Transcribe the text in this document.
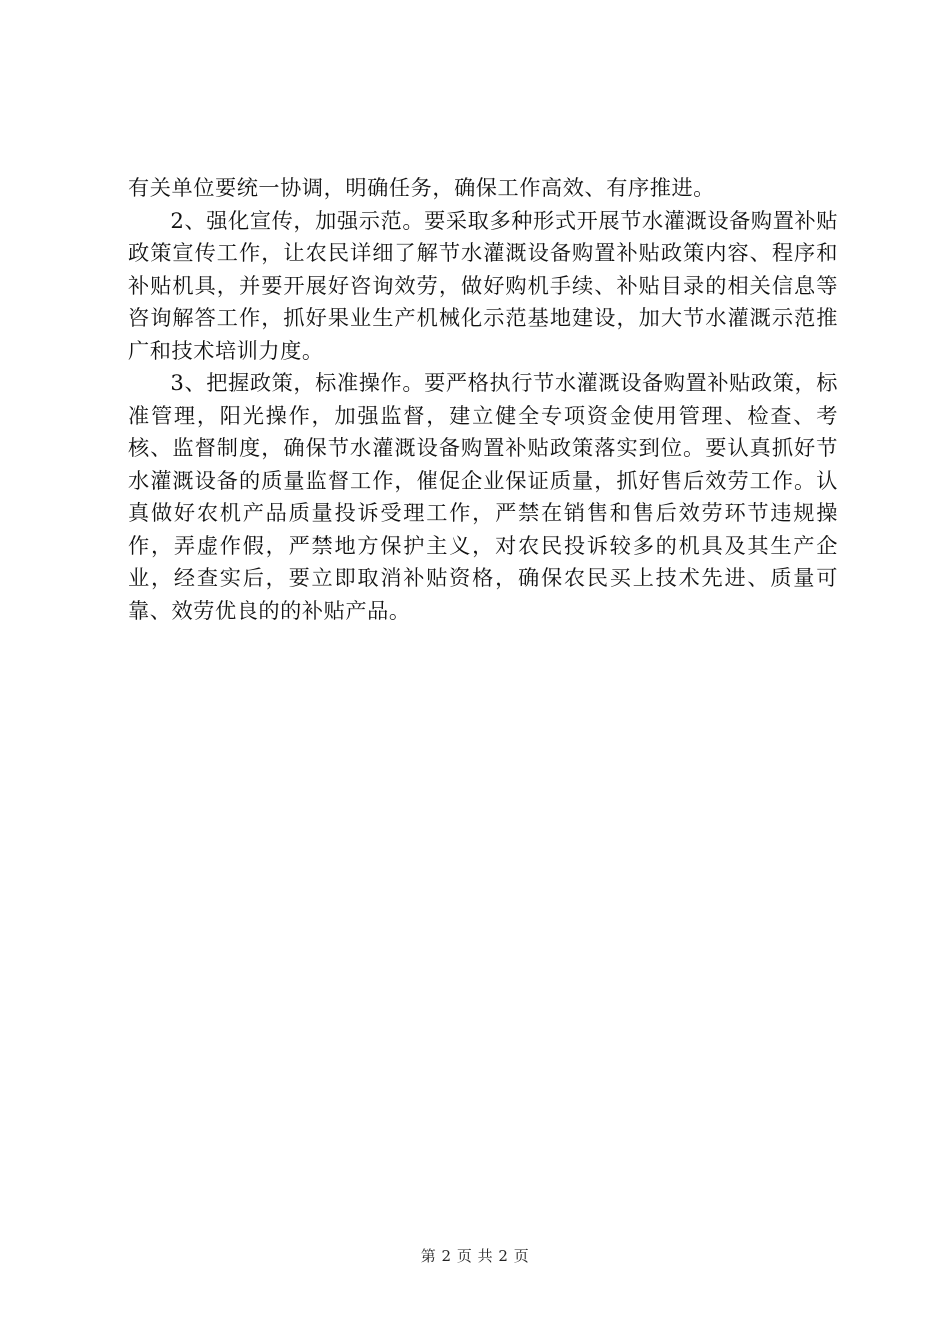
有关单位要统一协调，明确任务，确保工作高效、有序推进。

2、强化宣传，加强示范。要采取多种形式开展节水灌溉设备购置补贴政策宣传工作，让农民详细了解节水灌溉设备购置补贴政策内容、程序和补贴机具，并要开展好咨询效劳，做好购机手续、补贴目录的相关信息等咨询解答工作，抓好果业生产机械化示范基地建设，加大节水灌溉示范推广和技术培训力度。

3、把握政策，标准操作。要严格执行节水灌溉设备购置补贴政策，标准管理，阳光操作，加强监督，建立健全专项资金使用管理、检查、考核、监督制度，确保节水灌溉设备购置补贴政策落实到位。要认真抓好节水灌溉设备的质量监督工作，催促企业保证质量，抓好售后效劳工作。认真做好农机产品质量投诉受理工作，严禁在销售和售后效劳环节违规操作，弄虚作假，严禁地方保护主义，对农民投诉较多的机具及其生产企业，经查实后，要立即取消补贴资格，确保农民买上技术先进、质量可靠、效劳优良的的补贴产品。

第 2 页 共 2 页
